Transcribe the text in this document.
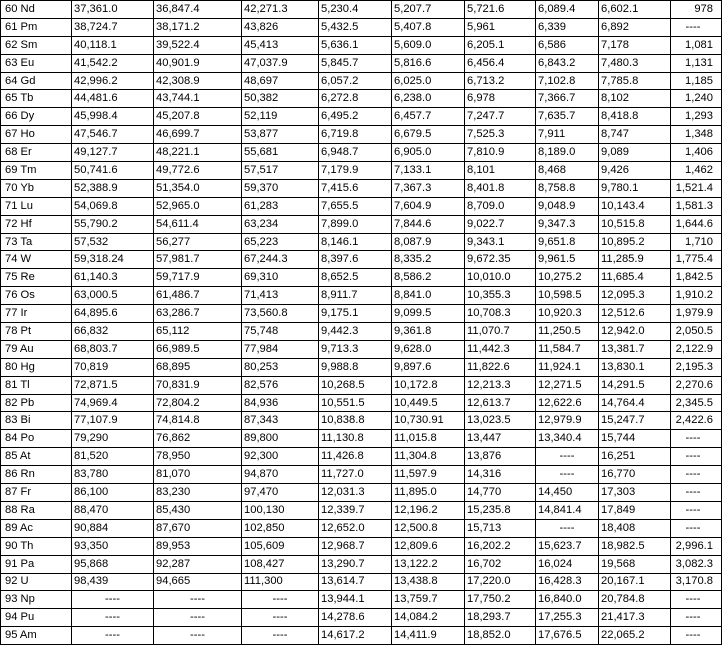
60 Nd	37,361.0	36,847.4	42,271.3	5,230.4	5,207.7	5,721.6	6,089.4	6,602.1	978
61 Pm	38,724.7	38,171.2	43,826	5,432.5	5,407.8	5,961	6,339	6,892	----
62 Sm	40,118.1	39,522.4	45,413	5,636.1	5,609.0	6,205.1	6,586	7,178	1,081
63 Eu	41,542.2	40,901.9	47,037.9	5,845.7	5,816.6	6,456.4	6,843.2	7,480.3	1,131
64 Gd	42,996.2	42,308.9	48,697	6,057.2	6,025.0	6,713.2	7,102.8	7,785.8	1,185
65 Tb	44,481.6	43,744.1	50,382	6,272.8	6,238.0	6,978	7,366.7	8,102	1,240
66 Dy	45,998.4	45,207.8	52,119	6,495.2	6,457.7	7,247.7	7,635.7	8,418.8	1,293
67 Ho	47,546.7	46,699.7	53,877	6,719.8	6,679.5	7,525.3	7,911	8,747	1,348
68 Er	49,127.7	48,221.1	55,681	6,948.7	6,905.0	7,810.9	8,189.0	9,089	1,406
69 Tm	50,741.6	49,772.6	57,517	7,179.9	7,133.1	8,101	8,468	9,426	1,462
70 Yb	52,388.9	51,354.0	59,370	7,415.6	7,367.3	8,401.8	8,758.8	9,780.1	1,521.4
71 Lu	54,069.8	52,965.0	61,283	7,655.5	7,604.9	8,709.0	9,048.9	10,143.4	1,581.3
72 Hf	55,790.2	54,611.4	63,234	7,899.0	7,844.6	9,022.7	9,347.3	10,515.8	1,644.6
73 Ta	57,532	56,277	65,223	8,146.1	8,087.9	9,343.1	9,651.8	10,895.2	1,710
74 W	59,318.24	57,981.7	67,244.3	8,397.6	8,335.2	9,672.35	9,961.5	11,285.9	1,775.4
75 Re	61,140.3	59,717.9	69,310	8,652.5	8,586.2	10,010.0	10,275.2	11,685.4	1,842.5
76 Os	63,000.5	61,486.7	71,413	8,911.7	8,841.0	10,355.3	10,598.5	12,095.3	1,910.2
77 Ir	64,895.6	63,286.7	73,560.8	9,175.1	9,099.5	10,708.3	10,920.3	12,512.6	1,979.9
78 Pt	66,832	65,112	75,748	9,442.3	9,361.8	11,070.7	11,250.5	12,942.0	2,050.5
79 Au	68,803.7	66,989.5	77,984	9,713.3	9,628.0	11,442.3	11,584.7	13,381.7	2,122.9
80 Hg	70,819	68,895	80,253	9,988.8	9,897.6	11,822.6	11,924.1	13,830.1	2,195.3
81 Tl	72,871.5	70,831.9	82,576	10,268.5	10,172.8	12,213.3	12,271.5	14,291.5	2,270.6
82 Pb	74,969.4	72,804.2	84,936	10,551.5	10,449.5	12,613.7	12,622.6	14,764.4	2,345.5
83 Bi	77,107.9	74,814.8	87,343	10,838.8	10,730.91	13,023.5	12,979.9	15,247.7	2,422.6
84 Po	79,290	76,862	89,800	11,130.8	11,015.8	13,447	13,340.4	15,744	----
85 At	81,520	78,950	92,300	11,426.8	11,304.8	13,876	----	16,251	----
86 Rn	83,780	81,070	94,870	11,727.0	11,597.9	14,316	----	16,770	----
87 Fr	86,100	83,230	97,470	12,031.3	11,895.0	14,770	14,450	17,303	----
88 Ra	88,470	85,430	100,130	12,339.7	12,196.2	15,235.8	14,841.4	17,849	----
89 Ac	90,884	87,670	102,850	12,652.0	12,500.8	15,713	----	18,408	----
90 Th	93,350	89,953	105,609	12,968.7	12,809.6	16,202.2	15,623.7	18,982.5	2,996.1
91 Pa	95,868	92,287	108,427	13,290.7	13,122.2	16,702	16,024	19,568	3,082.3
92 U	98,439	94,665	111,300	13,614.7	13,438.8	17,220.0	16,428.3	20,167.1	3,170.8
93 Np	----	----	----	13,944.1	13,759.7	17,750.2	16,840.0	20,784.8	----
94 Pu	----	----	----	14,278.6	14,084.2	18,293.7	17,255.3	21,417.3	----
95 Am	----	----	----	14,617.2	14,411.9	18,852.0	17,676.5	22,065.2	----
